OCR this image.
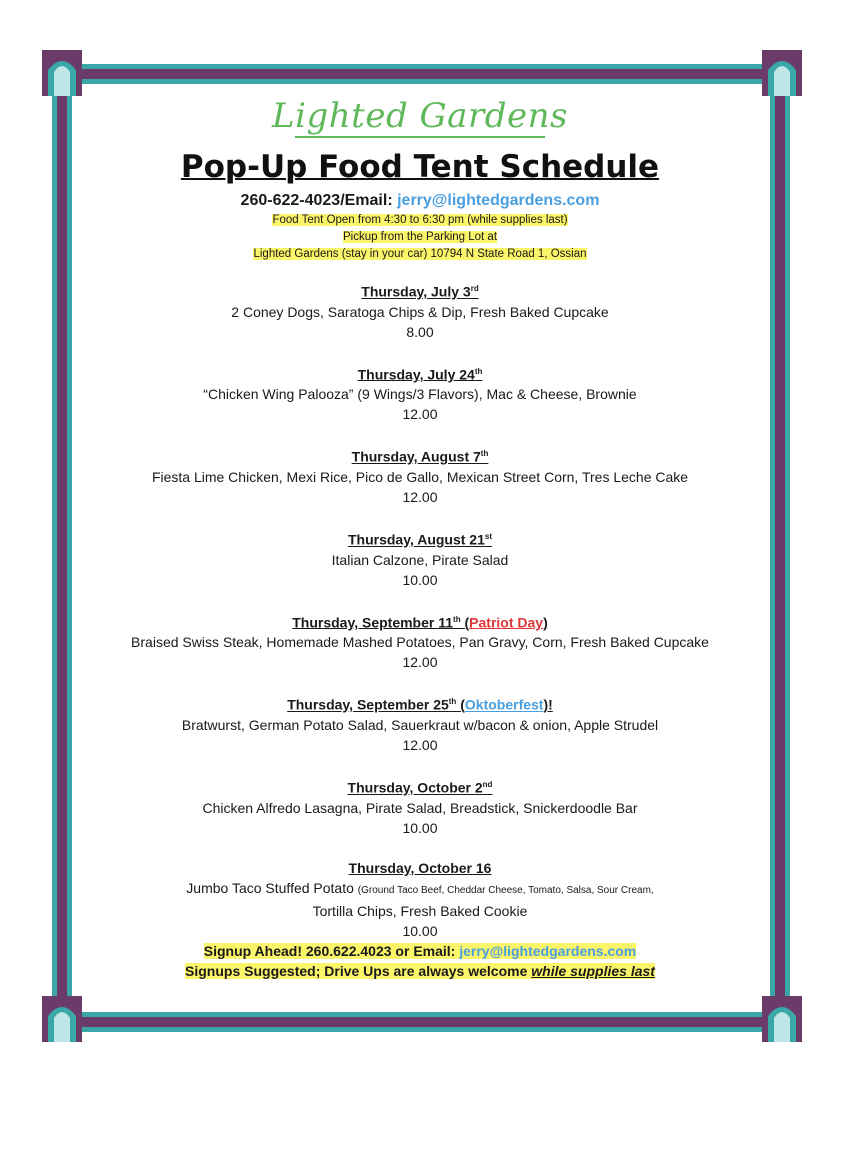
Lighted Gardens
Pop-Up Food Tent Schedule
260-622-4023/Email: jerry@lightedgardens.com
Food Tent Open from 4:30 to 6:30 pm (while supplies last)
Pickup from the Parking Lot at
Lighted Gardens (stay in your car) 10794 N State Road 1, Ossian
Thursday, July 3rd
2 Coney Dogs, Saratoga Chips & Dip, Fresh Baked Cupcake
8.00
Thursday, July 24th
“Chicken Wing Palooza” (9 Wings/3 Flavors), Mac & Cheese, Brownie
12.00
Thursday, August 7th
Fiesta Lime Chicken, Mexi Rice, Pico de Gallo, Mexican Street Corn, Tres Leche Cake
12.00
Thursday, August 21st
Italian Calzone, Pirate Salad
10.00
Thursday, September 11th (Patriot Day)
Braised Swiss Steak, Homemade Mashed Potatoes, Pan Gravy, Corn, Fresh Baked Cupcake
12.00
Thursday, September 25th (Oktoberfest)!
Bratwurst, German Potato Salad, Sauerkraut w/bacon & onion, Apple Strudel
12.00
Thursday, October 2nd
Chicken Alfredo Lasagna, Pirate Salad, Breadstick, Snickerdoodle Bar
10.00
Thursday, October 16
Jumbo Taco Stuffed Potato (Ground Taco Beef, Cheddar Cheese, Tomato, Salsa, Sour Cream,
Tortilla Chips, Fresh Baked Cookie
10.00
Signup Ahead! 260.622.4023 or Email: jerry@lightedgardens.com
Signups Suggested; Drive Ups are always welcome while supplies last
